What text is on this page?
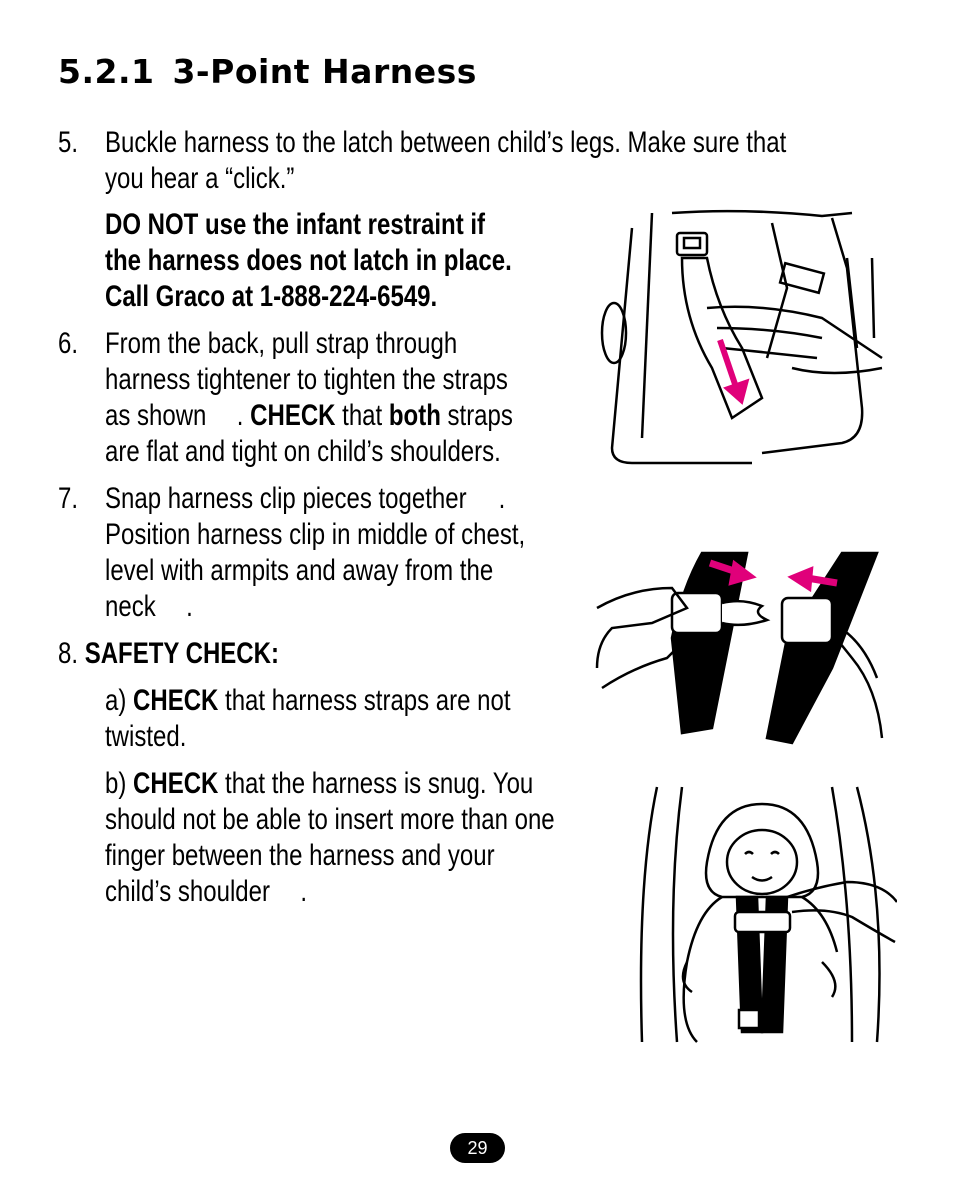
5.2.1 3-Point Harness
5. Buckle harness to the latch between child’s legs. Make sure that
you hear a “click.”
DO NOT use the infant restraint if
the harness does not latch in place.
Call Graco at 1-888-224-6549.
6. From the back, pull strap through
harness tightener to tighten the straps
as shown . CHECK that both straps
are flat and tight on child’s shoulders.
7. Snap harness clip pieces together .
Position harness clip in middle of chest,
level with armpits and away from the
neck .
8. SAFETY CHECK:
a) CHECK that harness straps are not
twisted.
b) CHECK that the harness is snug. You
should not be able to insert more than one
finger between the harness and your
child’s shoulder .
29
